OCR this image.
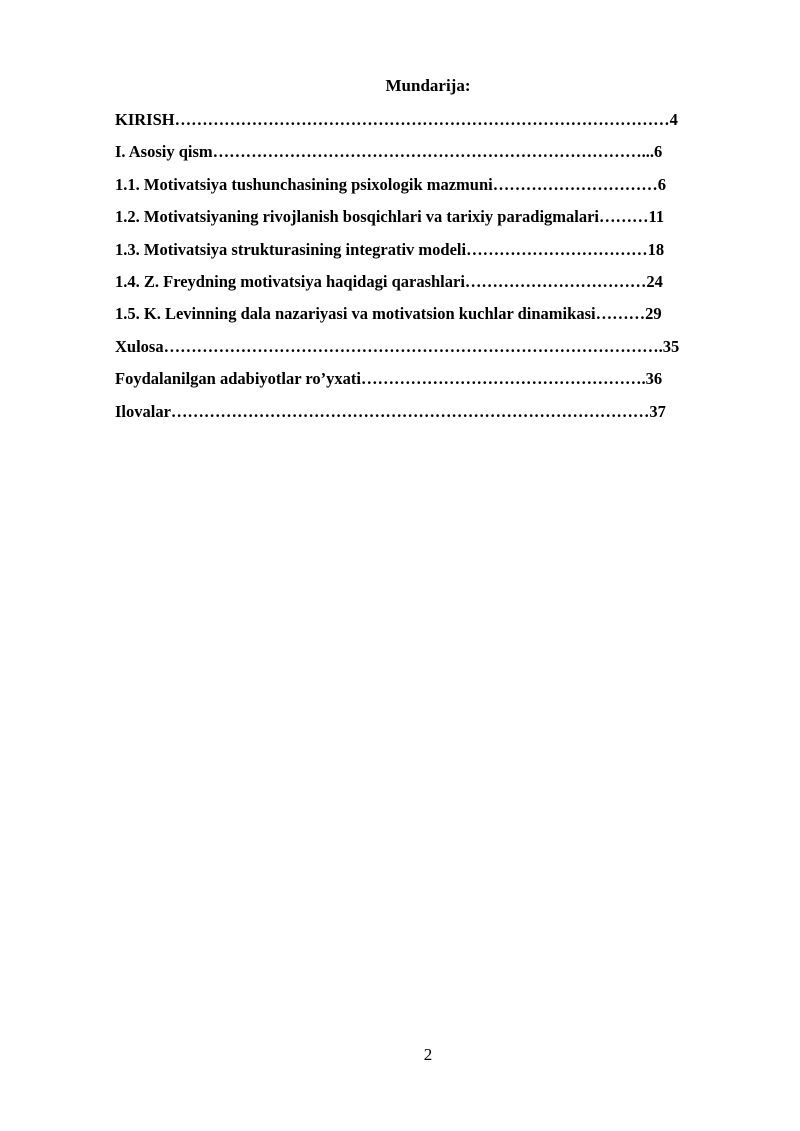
Mundarija:
KIRISH………………………………………………………………………………4
I. Asosiy qism……………………………………………………………………...6
1.1. Motivatsiya tushunchasining psixologik mazmuni…………………………6
1.2. Motivatsiyaning rivojlanish bosqichlari va tarixiy paradigmalari………11
1.3. Motivatsiya strukturasining integrativ modeli……………………………18
1.4. Z. Freydning motivatsiya haqidagi qarashlari……………………………24
1.5. K. Levinning dala nazariyasi va motivatsion kuchlar dinamikasi………29
Xulosa……………………………………………………………………………….35
Foydalanilgan adabiyotlar ro’yxati…………………………………………….36
Ilovalar……………………………………………………………………………37
2
